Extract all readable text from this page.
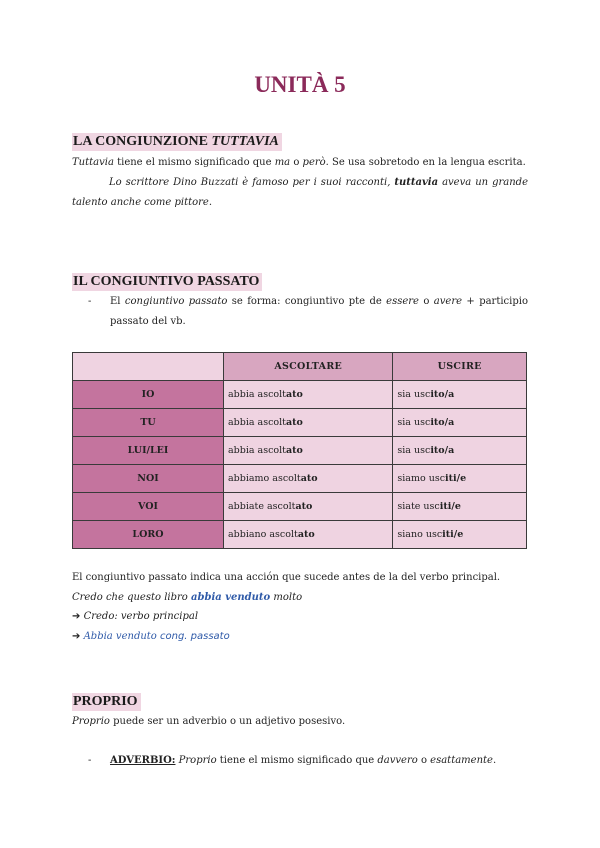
UNITÀ 5
LA CONGIUNZIONE TUTTAVIA

Tuttavia tiene el mismo significado que ma o però. Se usa sobretodo en la lengua escrita.

Lo scrittore Dino Buzzati è famoso per i suoi racconti, tuttavia aveva un grande talento anche come pittore.

IL CONGIUNTIVO PASSATO
- El congiuntivo passato se forma: congiuntivo pte de essere o avere + participio passato del vb.
	ASCOLTARE	USCIRE
IO	abbia ascoltato	sia uscito/a
TU	abbia ascoltato	sia uscito/a
LUI/LEI	abbia ascoltato	sia uscito/a
NOI	abbiamo ascoltato	siamo usciti/e
VOI	abbiate ascoltato	siate usciti/e
LORO	abbiano ascoltato	siano usciti/e

El congiuntivo passato indica una acción que sucede antes de la del verbo principal.

Credo che questo libro abbia venduto molto

➔ Credo: verbo principal

➔ Abbia venduto cong. passato

PROPRIO

Proprio puede ser un adverbio o un adjetivo posesivo.

- ADVERBIO: Proprio tiene el mismo significado que davvero o esattamente.
